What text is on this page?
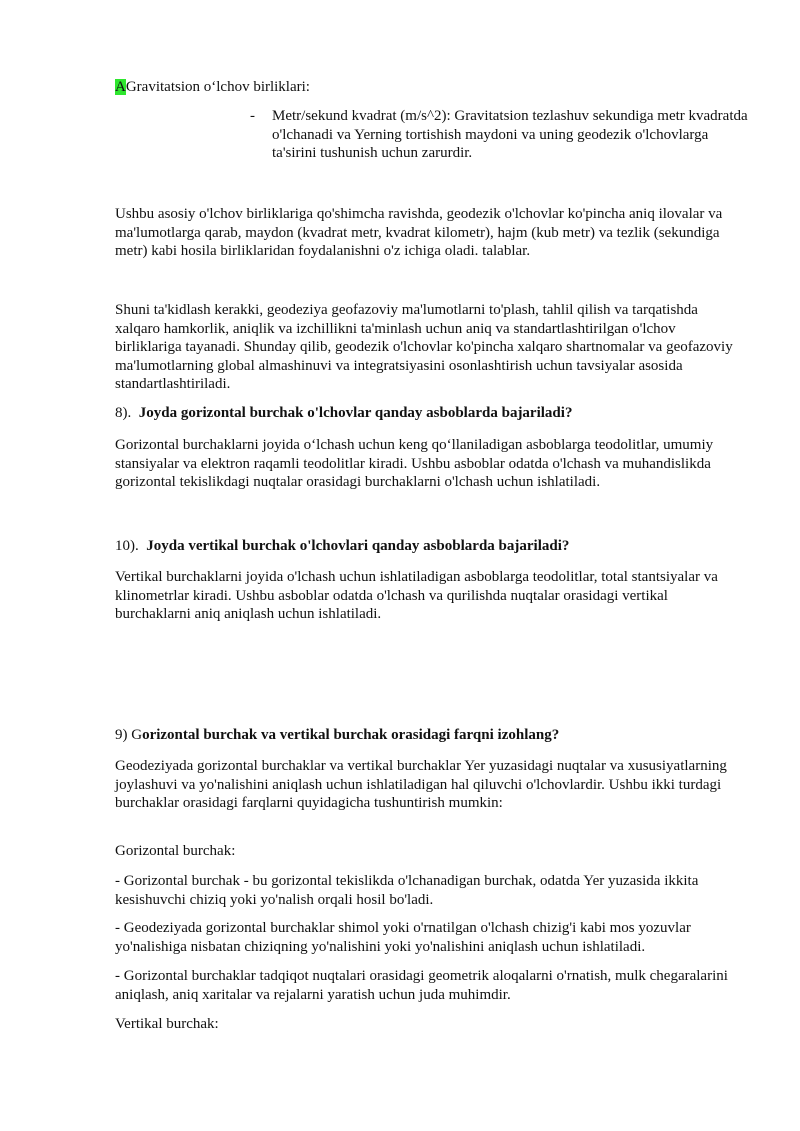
AGravitatsion o‘lchov birliklari:
- Metr/sekund kvadrat (m/s^2): Gravitatsion tezlashuv sekundiga metr kvadratda o'lchanadi va Yerning tortishish maydoni va uning geodezik o'lchovlarga ta'sirini tushunish uchun zarurdir.

Ushbu asosiy o'lchov birliklariga qo'shimcha ravishda, geodezik o'lchovlar ko'pincha aniq ilovalar va ma'lumotlarga qarab, maydon (kvadrat metr, kvadrat kilometr), hajm (kub metr) va tezlik (sekundiga metr) kabi hosila birliklaridan foydalanishni o'z ichiga oladi. talablar.

Shuni ta'kidlash kerakki, geodeziya geofazoviy ma'lumotlarni to'plash, tahlil qilish va tarqatishda xalqaro hamkorlik, aniqlik va izchillikni ta'minlash uchun aniq va standartlashtirilgan o'lchov birliklariga tayanadi. Shunday qilib, geodezik o'lchovlar ko'pincha xalqaro shartnomalar va geofazoviy ma'lumotlarning global almashinuvi va integratsiyasini osonlashtirish uchun tavsiyalar asosida standartlashtiriladi.

8). Joyda gorizontal burchak o'lchovlar qanday asboblarda bajariladi?

Gorizontal burchaklarni joyida o‘lchash uchun keng qo‘llaniladigan asboblarga teodolitlar, umumiy stansiyalar va elektron raqamli teodolitlar kiradi. Ushbu asboblar odatda o'lchash va muhandislikda gorizontal tekislikdagi nuqtalar orasidagi burchaklarni o'lchash uchun ishlatiladi.

10). Joyda vertikal burchak o'lchovlari qanday asboblarda bajariladi?

Vertikal burchaklarni joyida o'lchash uchun ishlatiladigan asboblarga teodolitlar, total stantsiyalar va klinometrlar kiradi. Ushbu asboblar odatda o'lchash va qurilishda nuqtalar orasidagi vertikal burchaklarni aniq aniqlash uchun ishlatiladi.

9) Gorizontal burchak va vertikal burchak orasidagi farqni izohlang?

Geodeziyada gorizontal burchaklar va vertikal burchaklar Yer yuzasidagi nuqtalar va xususiyatlarning joylashuvi va yo'nalishini aniqlash uchun ishlatiladigan hal qiluvchi o'lchovlardir. Ushbu ikki turdagi burchaklar orasidagi farqlarni quyidagicha tushuntirish mumkin:

Gorizontal burchak:

- Gorizontal burchak - bu gorizontal tekislikda o'lchanadigan burchak, odatda Yer yuzasida ikkita kesishuvchi chiziq yoki yo'nalish orqali hosil bo'ladi.

- Geodeziyada gorizontal burchaklar shimol yoki o'rnatilgan o'lchash chizig'i kabi mos yozuvlar yo'nalishiga nisbatan chiziqning yo'nalishini yoki yo'nalishini aniqlash uchun ishlatiladi.

- Gorizontal burchaklar tadqiqot nuqtalari orasidagi geometrik aloqalarni o'rnatish, mulk chegaralarini aniqlash, aniq xaritalar va rejalarni yaratish uchun juda muhimdir.

Vertikal burchak:
